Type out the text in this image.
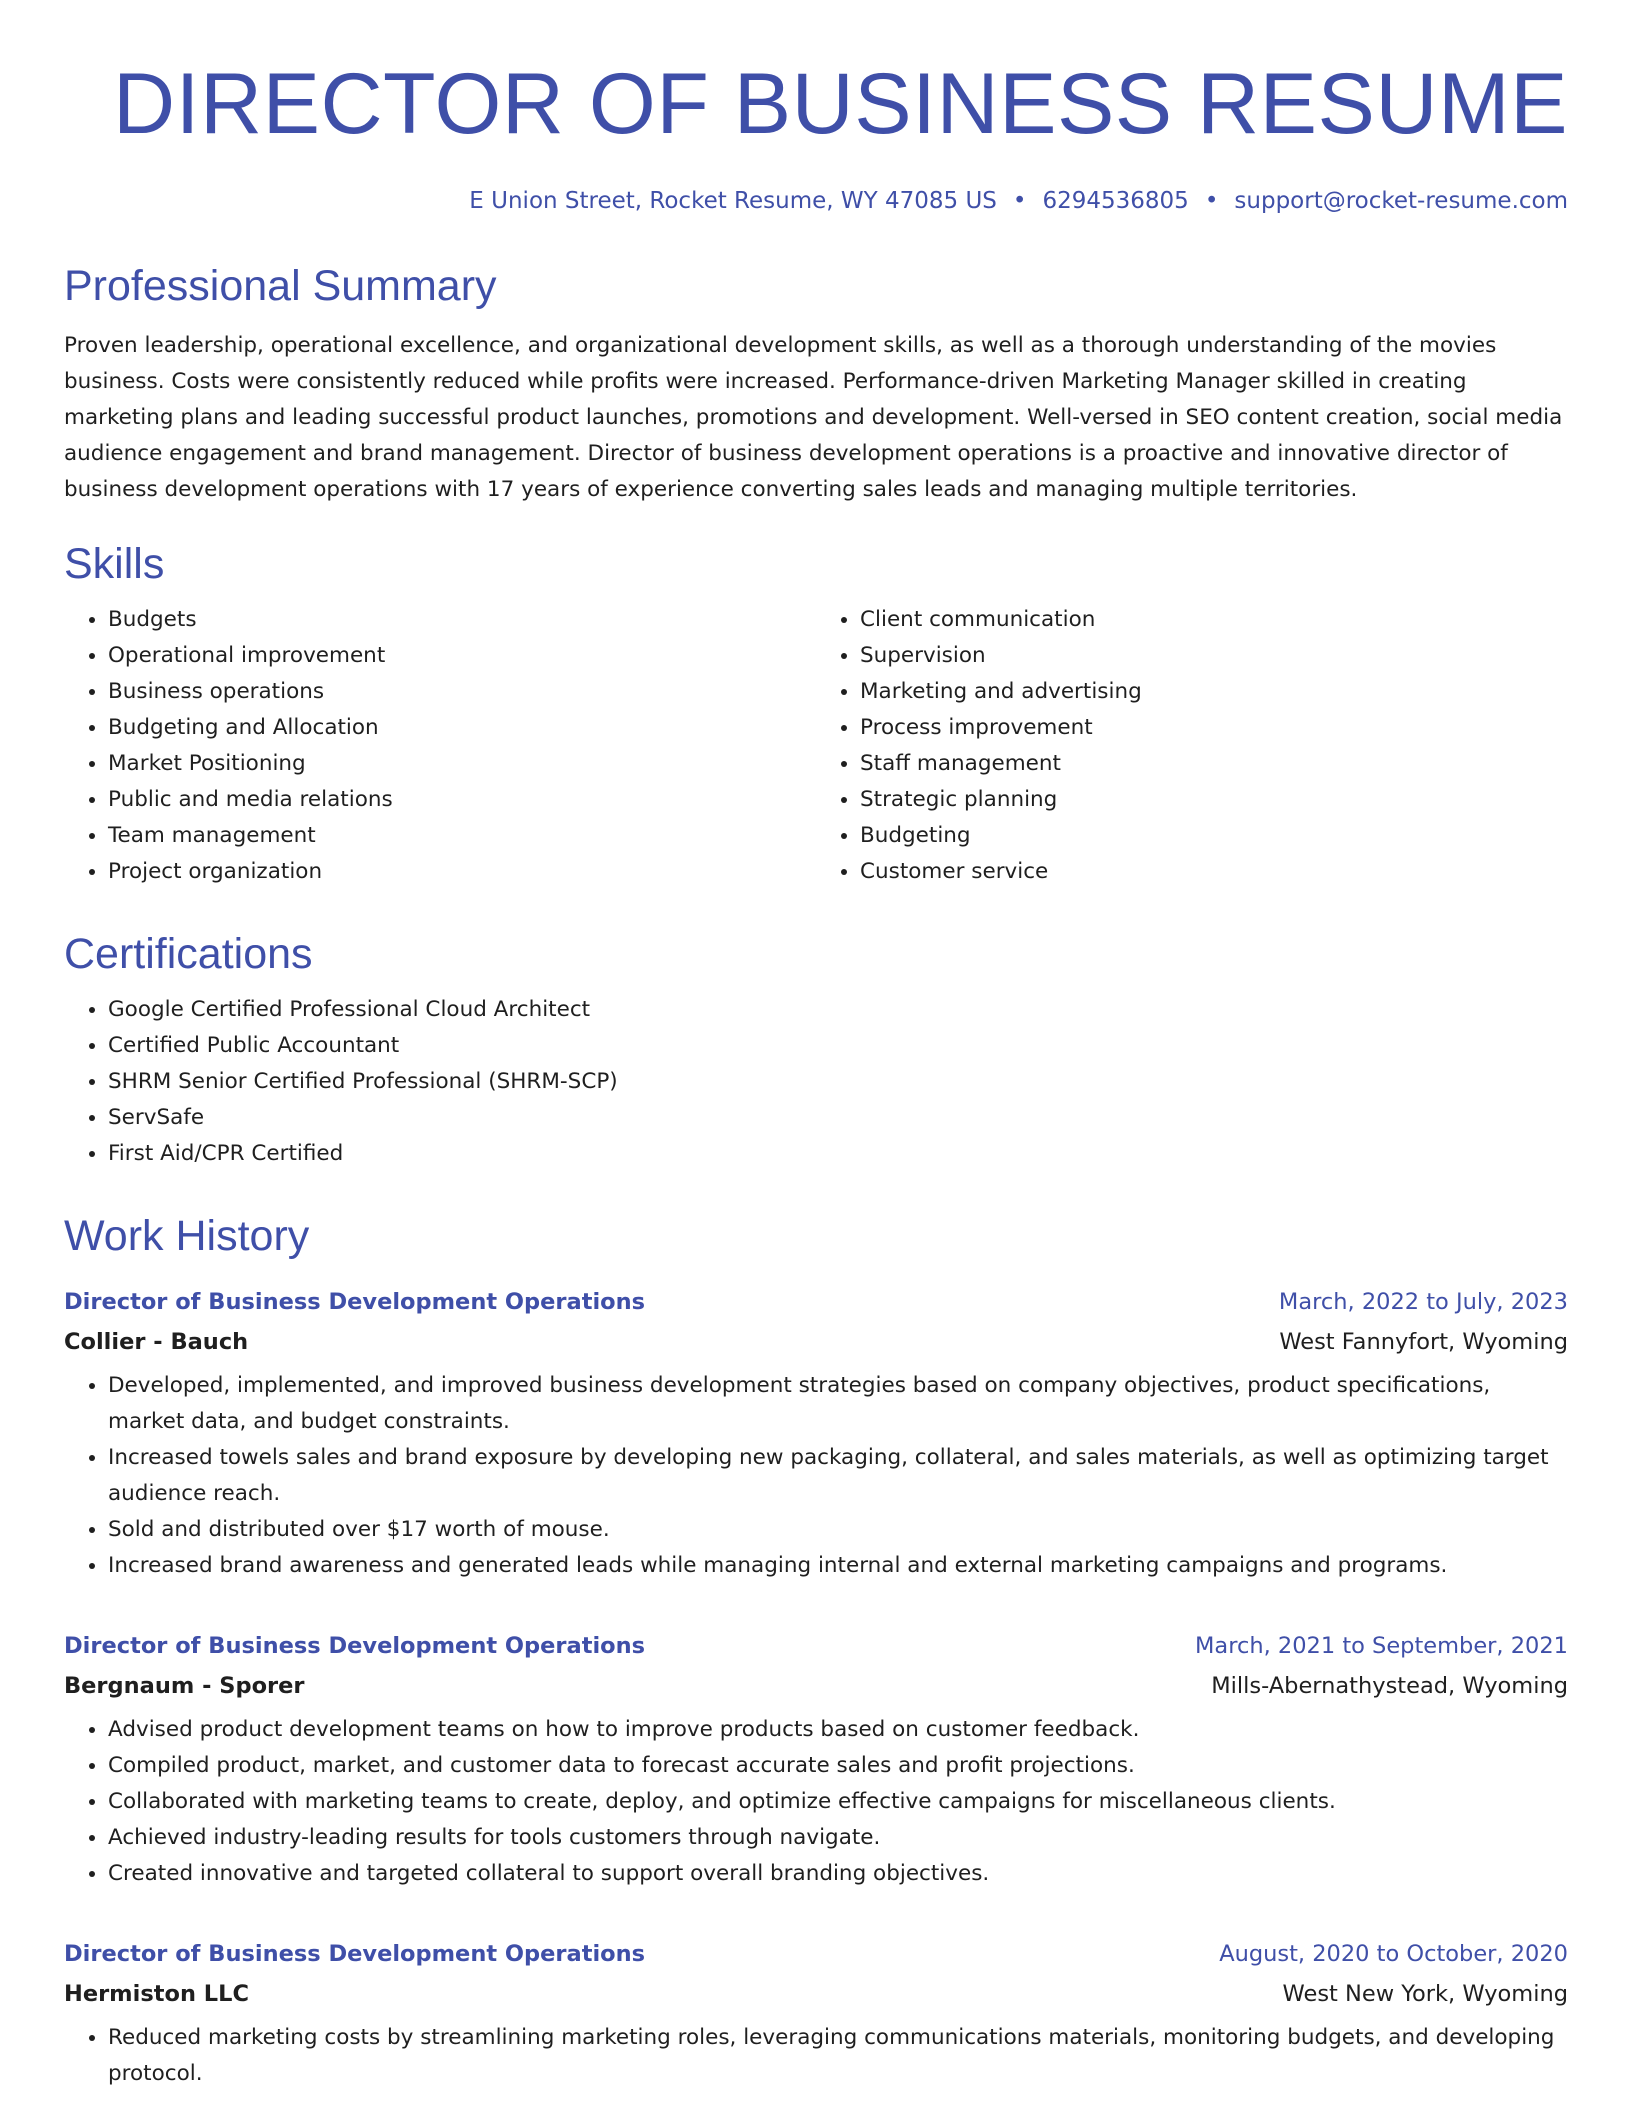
DIRECTOR OF BUSINESS RESUME
E Union Street, Rocket Resume, WY 47085 US • 6294536805 • support@rocket-resume.com
Professional Summary

Proven leadership, operational excellence, and organizational development skills, as well as a thorough understanding of the movies business. Costs were consistently reduced while profits were increased. Performance-driven Marketing Manager skilled in creating marketing plans and leading successful product launches, promotions and development. Well-versed in SEO content creation, social media audience engagement and brand management. Director of business development operations is a proactive and innovative director of business development operations with 17 years of experience converting sales leads and managing multiple territories.

Skills
• Budgets
• Operational improvement
• Business operations
• Budgeting and Allocation
• Market Positioning
• Public and media relations
• Team management
• Project organization
• Client communication
• Supervision
• Marketing and advertising
• Process improvement
• Staff management
• Strategic planning
• Budgeting
• Customer service
Certifications
• Google Certified Professional Cloud Architect
• Certified Public Accountant
• SHRM Senior Certified Professional (SHRM-SCP)
• ServSafe
• First Aid/CPR Certified
Work History
Director of Business Development Operations	March, 2022 to July, 2023
Collier - Bauch	West Fannyfort, Wyoming
• Developed, implemented, and improved business development strategies based on company objectives, product specifications, market data, and budget constraints.
• Increased towels sales and brand exposure by developing new packaging, collateral, and sales materials, as well as optimizing target audience reach.
• Sold and distributed over $17 worth of mouse.
• Increased brand awareness and generated leads while managing internal and external marketing campaigns and programs.
Director of Business Development Operations	March, 2021 to September, 2021
Bergnaum - Sporer	Mills-Abernathystead, Wyoming
• Advised product development teams on how to improve products based on customer feedback.
• Compiled product, market, and customer data to forecast accurate sales and profit projections.
• Collaborated with marketing teams to create, deploy, and optimize effective campaigns for miscellaneous clients.
• Achieved industry-leading results for tools customers through navigate.
• Created innovative and targeted collateral to support overall branding objectives.
Director of Business Development Operations	August, 2020 to October, 2020
Hermiston LLC	West New York, Wyoming
• Reduced marketing costs by streamlining marketing roles, leveraging communications materials, monitoring budgets, and developing protocol.
